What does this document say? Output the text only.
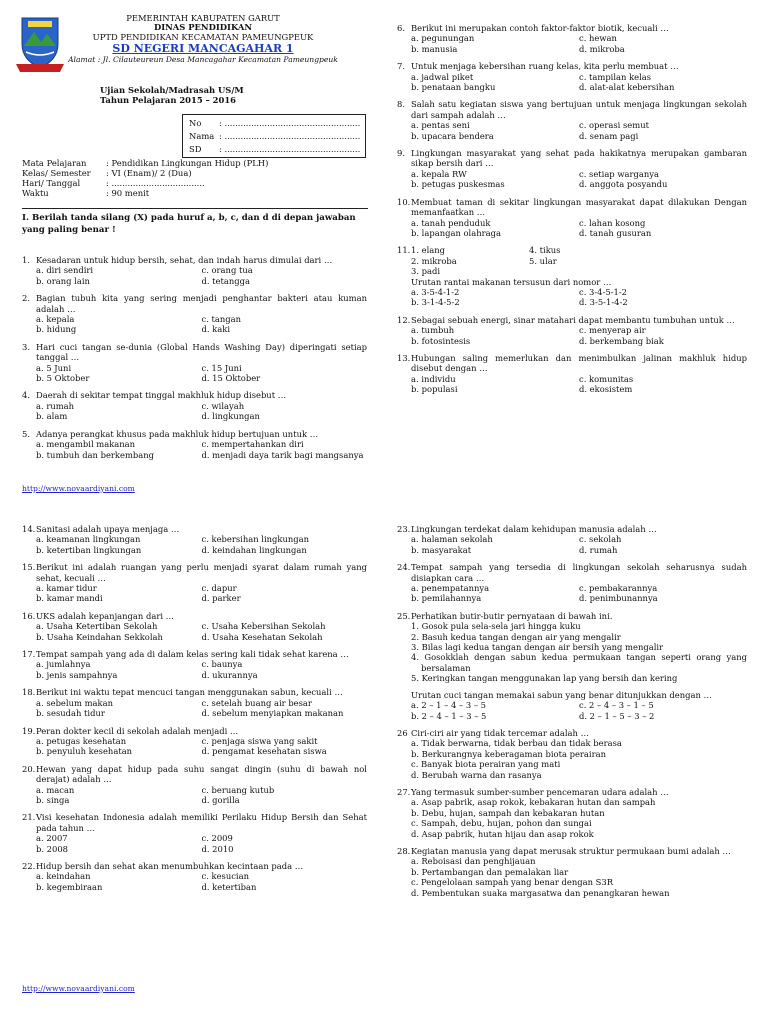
PEMERINTAH KABUPATEN GARUT
DINAS PENDIDIKAN
UPTD PENDIDIKAN KECAMATAN PAMEUNGPEUK
SD NEGERI MANCAGAHAR 1
Alamat : Jl. Cilauteureun Desa Mancagahar Kecamatan Pameungpeuk
Ujian Sekolah/Madrasah US/M
Tahun Pelajaran 2015 – 2016
No	: ...................................................
Nama : ...................................................
SD	: ...................................................
Mata Pelajaran	: Pendidikan Lingkungan Hidup (PLH)
Kelas/ Semester	: VI (Enam)/ 2 (Dua)
Hari/ Tanggal	: ...................................
Waktu	: 90 menit
I. Berilah tanda silang (X) pada huruf a, b, c, dan d di depan jawaban yang paling benar !
1. Kesadaran untuk hidup bersih, sehat, dan indah harus dimulai dari …
a. diri sendiri	c. orang tua
b. orang lain	d. tetangga
2. Bagian tubuh kita yang sering menjadi penghantar bakteri atau kuman adalah …
a. kepala	c. tangan
b. hidung	d. kaki
3. Hari cuci tangan se-dunia (Global Hands Washing Day) diperingati setiap tanggal …
a. 5 Juni	c. 15 Juni
b. 5 Oktober	d. 15 Oktober
4. Daerah di sekitar tempat tinggal makhluk hidup disebut …
a. rumah	c. wilayah
b. alam	d. lingkungan
5. Adanya perangkat khusus pada makhluk hidup bertujuan untuk …
a. mengambil makanan	c. mempertahankan diri
b. tumbuh dan berkembang	d. menjadi daya tarik bagi mangsanya
6. Berikut ini merupakan contoh faktor-faktor biotik, kecuali …
a. pegunungan	c. hewan
b. manusia	d. mikroba
7. Untuk menjaga kebersihan ruang kelas, kita perlu membuat …
a. jadwal piket	c. tampilan kelas
b. penataan bangku	d. alat-alat kebersihan
8. Salah satu kegiatan siswa yang bertujuan untuk menjaga lingkungan sekolah dari sampah adalah …
a. pentas seni	c. operasi semut
b. upacara bendera	d. senam pagi
9. Lingkungan masyarakat yang sehat pada hakikatnya merupakan gambaran sikap bersih dari …
a. kepala RW	c. setiap warganya
b. petugas puskesmas	d. anggota posyandu
10. Membuat taman di sekitar lingkungan masyarakat dapat dilakukan Dengan memanfaatkan …
a. tanah penduduk	c. lahan kosong
b. lapangan olahraga	d. tanah gusuran
11. 1. elang	4. tikus
2. mikroba	5. ular
3. padi
Urutan rantai makanan tersusun dari nomor …
a. 3-5-4-1-2	c. 3-4-5-1-2
b. 3-1-4-5-2	d. 3-5-1-4-2
12. Sebagai sebuah energi, sinar matahari dapat membantu tumbuhan untuk …
a. tumbuh	c. menyerap air
b. fotosintesis	d. berkembang biak
13. Hubungan saling memerlukan dan menimbulkan jalinan makhluk hidup disebut dengan …
a. individu	c. komunitas
b. populasi	d. ekosistem
http://www.novaardiyani.com
14. Sanitasi adalah upaya menjaga …
a. keamanan lingkungan	c. kebersihan lingkungan
b. ketertiban lingkungan	d. keindahan lingkungan
15. Berikut ini adalah ruangan yang perlu menjadi syarat dalam rumah yang sehat, kecuali …
a. kamar tidur	c. dapur
b. kamar mandi	d. parker
16. UKS adalah kepanjangan dari …
a. Usaha Ketertiban Sekolah	c. Usaha Kebersihan Sekolah
b. Usaha Keindahan Sekkolah	d. Usaha Kesehatan Sekolah
17. Tempat sampah yang ada di dalam kelas sering kali tidak sehat karena …
a. jumlahnya	c. baunya
b. jenis sampahnya	d. ukurannya
18. Berikut ini waktu tepat mencuci tangan menggunakan sabun, kecuali …
a. sebelum makan	c. setelah buang air besar
b. sesudah tidur	d. sebelum menyiapkan makanan
19. Peran dokter kecil di sekolah adalah menjadi …
a. petugas kesehatan	c. penjaga siswa yang sakit
b. penyuluh kesehatan	d. pengamat kesehatan siswa
20. Hewan yang dapat hidup pada suhu sangat dingin (suhu di bawah nol derajat) adalah …
a. macan	c. beruang kutub
b. singa	d. gorilla
21. Visi kesehatan Indonesia adalah memiliki Perilaku Hidup Bersih dan Sehat pada tahun …
a. 2007	c. 2009
b. 2008	d. 2010
22. Hidup bersih dan sehat akan menumbuhkan kecintaan pada …
a. keindahan	c. kesucian
b. kegembiraan	d. ketertiban
23. Lingkungan terdekat dalam kehidupan manusia adalah …
a. halaman sekolah	c. sekolah
b. masyarakat	d. rumah
24. Tempat sampah yang tersedia di lingkungan sekolah seharusnya sudah disiapkan cara …
a. penempatannya	c. pembakarannya
b. pemilahannya	d. penimbunannya
25. Perhatikan butir-butir pernyataan di bawah ini.
1. Gosok pula sela-sela jari hingga kuku
2. Basuh kedua tangan dengan air yang mengalir
3. Bilas lagi kedua tangan dengan air bersih yang mengalir
4. Gosokklah dengan sabun kedua permukaan tangan seperti orang yang bersalaman
5. Keringkan tangan menggunakan lap yang bersih dan kering
Urutan cuci tangan memakai sabun yang benar ditunjukkan dengan …
a. 2 – 1 – 4 – 3 – 5	c. 2 – 4 – 3 – 1 – 5
b. 2 – 4 – 1 – 3 – 5	d. 2 – 1 – 5 – 3 – 2
26 Ciri-ciri air yang tidak tercemar adalah …
a. Tidak berwarna, tidak berbau dan tidak berasa
b. Berkurangnya keberagaman biota perairan
c. Banyak biota perairan yang mati
d. Berubah warna dan rasanya
27. Yang termasuk sumber-sumber pencemaran udara adalah …
a. Asap pabrik, asap rokok, kebakaran hutan dan sampah
b. Debu, hujan, sampah dan kebakaran hutan
c. Sampah, debu, hujan, pohon dan sungai
d. Asap pabrik, hutan hijau dan asap rokok
28. Kegiatan manusia yang dapat merusak struktur permukaan bumi adalah …
a. Reboisasi dan penghijauan
b. Pertambangan dan pemalakan liar
c. Pengelolaan sampah yang benar dengan S3R
d. Pembentukan suaka margasatwa dan penangkaran hewan
http://www.novaardiyani.com
